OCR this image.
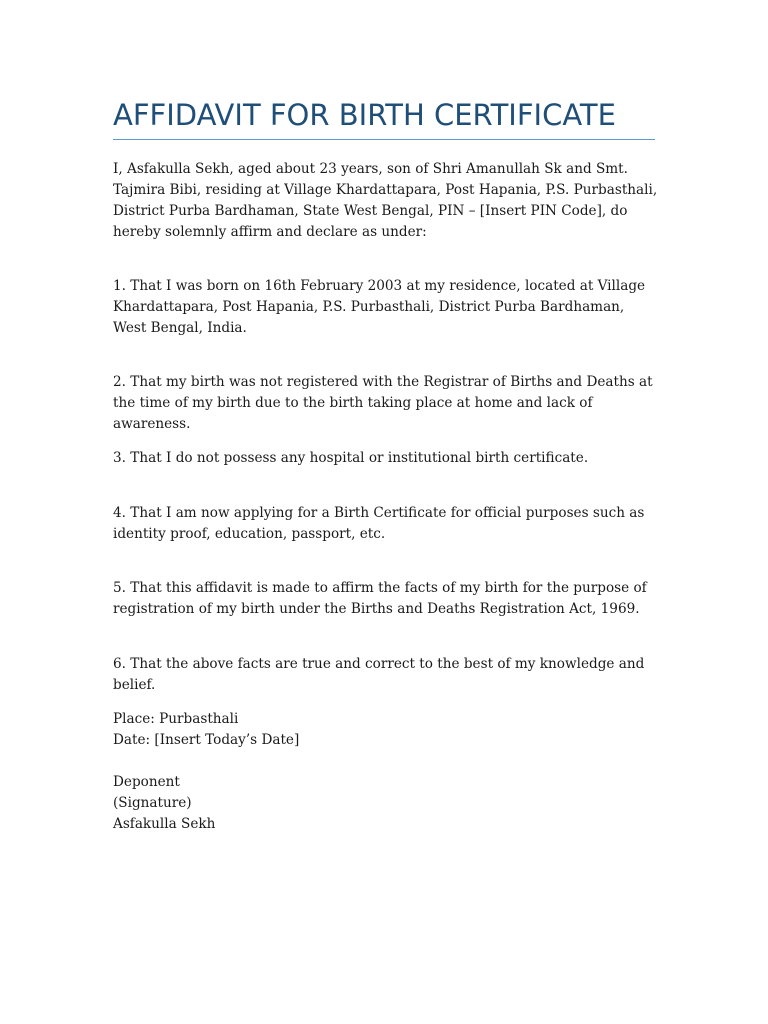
AFFIDAVIT FOR BIRTH CERTIFICATE

I, Asfakulla Sekh, aged about 23 years, son of Shri Amanullah Sk and Smt. Tajmira Bibi, residing at Village Khardattapara, Post Hapania, P.S. Purbasthali, District Purba Bardhaman, State West Bengal, PIN – [Insert PIN Code], do hereby solemnly affirm and declare as under:

1. That I was born on 16th February 2003 at my residence, located at Village Khardattapara, Post Hapania, P.S. Purbasthali, District Purba Bardhaman, West Bengal, India.

2. That my birth was not registered with the Registrar of Births and Deaths at the time of my birth due to the birth taking place at home and lack of awareness.

3. That I do not possess any hospital or institutional birth certificate.

4. That I am now applying for a Birth Certificate for official purposes such as identity proof, education, passport, etc.

5. That this affidavit is made to affirm the facts of my birth for the purpose of registration of my birth under the Births and Deaths Registration Act, 1969.

6. That the above facts are true and correct to the best of my knowledge and belief.

Place: Purbasthali

Date: [Insert Today’s Date]

Deponent

(Signature)

Asfakulla Sekh
